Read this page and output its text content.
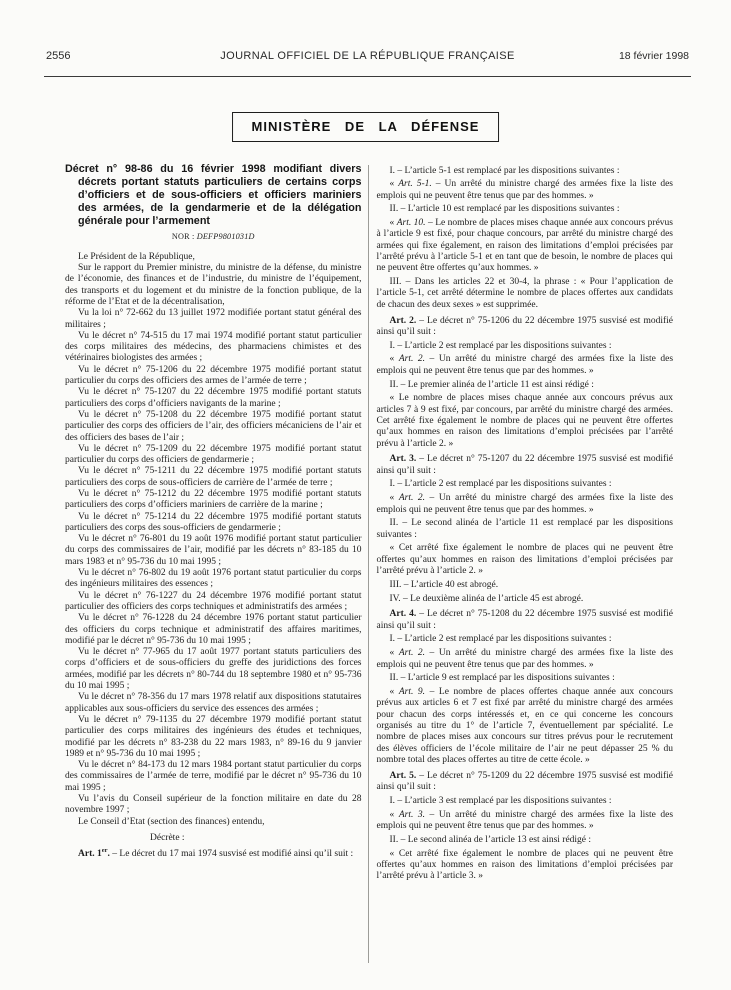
2556	JOURNAL OFFICIEL DE LA RÉPUBLIQUE FRANÇAISE	18 février 1998
MINISTÈRE DE LA DÉFENSE

Décret n° 98-86 du 16 février 1998 modifiant divers décrets portant statuts particuliers de certains corps d’officiers et de sous-officiers et officiers mariniers des armées, de la gendarmerie et de la délégation générale pour l’armement

NOR : DEFP9801031D

Le Président de la République,

Sur le rapport du Premier ministre, du ministre de la défense, du ministre de l’économie, des finances et de l’industrie, du ministre de l’équipement, des transports et du logement et du ministre de la fonction publique, de la réforme de l’Etat et de la décentralisation,

Vu la loi n° 72-662 du 13 juillet 1972 modifiée portant statut général des militaires ;

Vu le décret n° 74-515 du 17 mai 1974 modifié portant statut particulier des corps militaires des médecins, des pharmaciens chimistes et des vétérinaires biologistes des armées ;

Vu le décret n° 75-1206 du 22 décembre 1975 modifié portant statut particulier du corps des officiers des armes de l’armée de terre ;

Vu le décret n° 75-1207 du 22 décembre 1975 modifié portant statuts particuliers des corps d’officiers navigants de la marine ;

Vu le décret n° 75-1208 du 22 décembre 1975 modifié portant statut particulier des corps des officiers de l’air, des officiers mécaniciens de l’air et des officiers des bases de l’air ;

Vu le décret n° 75-1209 du 22 décembre 1975 modifié portant statut particulier du corps des officiers de gendarmerie ;

Vu le décret n° 75-1211 du 22 décembre 1975 modifié portant statuts particuliers des corps de sous-officiers de carrière de l’armée de terre ;

Vu le décret n° 75-1212 du 22 décembre 1975 modifié portant statuts particuliers des corps d’officiers mariniers de carrière de la marine ;

Vu le décret n° 75-1214 du 22 décembre 1975 modifié portant statuts particuliers des corps des sous-officiers de gendarmerie ;

Vu le décret n° 76-801 du 19 août 1976 modifié portant statut particulier du corps des commissaires de l’air, modifié par les décrets n° 83-185 du 10 mars 1983 et n° 95-736 du 10 mai 1995 ;

Vu le décret n° 76-802 du 19 août 1976 portant statut particulier du corps des ingénieurs militaires des essences ;

Vu le décret n° 76-1227 du 24 décembre 1976 modifié portant statut particulier des officiers des corps techniques et administratifs des armées ;

Vu le décret n° 76-1228 du 24 décembre 1976 portant statut particulier des officiers du corps technique et administratif des affaires maritimes, modifié par le décret n° 95-736 du 10 mai 1995 ;

Vu le décret n° 77-965 du 17 août 1977 portant statuts particuliers des corps d’officiers et de sous-officiers du greffe des juridictions des forces armées, modifié par les décrets n° 80-744 du 18 septembre 1980 et n° 95-736 du 10 mai 1995 ;

Vu le décret n° 78-356 du 17 mars 1978 relatif aux dispositions statutaires applicables aux sous-officiers du service des essences des armées ;

Vu le décret n° 79-1135 du 27 décembre 1979 modifié portant statut particulier des corps militaires des ingénieurs des études et techniques, modifié par les décrets n° 83-238 du 22 mars 1983, n° 89-16 du 9 janvier 1989 et n° 95-736 du 10 mai 1995 ;

Vu le décret n° 84-173 du 12 mars 1984 portant statut particulier du corps des commissaires de l’armée de terre, modifié par le décret n° 95-736 du 10 mai 1995 ;

Vu l’avis du Conseil supérieur de la fonction militaire en date du 28 novembre 1997 ;

Le Conseil d’Etat (section des finances) entendu,

Décrète :

Art. 1er. – Le décret du 17 mai 1974 susvisé est modifié ainsi qu’il suit :

I. – L’article 5-1 est remplacé par les dispositions suivantes :

« Art. 5-1. – Un arrêté du ministre chargé des armées fixe la liste des emplois qui ne peuvent être tenus que par des hommes. »

II. – L’article 10 est remplacé par les dispositions suivantes :

« Art. 10. – Le nombre de places mises chaque année aux concours prévus à l’article 9 est fixé, pour chaque concours, par arrêté du ministre chargé des armées qui fixe également, en raison des limitations d’emploi précisées par l’arrêté prévu à l’article 5-1 et en tant que de besoin, le nombre de places qui ne peuvent être offertes qu’aux hommes. »

III. – Dans les articles 22 et 30-4, la phrase : « Pour l’application de l’article 5-1, cet arrêté détermine le nombre de places offertes aux candidats de chacun des deux sexes » est supprimée.

Art. 2. – Le décret n° 75-1206 du 22 décembre 1975 susvisé est modifié ainsi qu’il suit :

I. – L’article 2 est remplacé par les dispositions suivantes :

« Art. 2. – Un arrêté du ministre chargé des armées fixe la liste des emplois qui ne peuvent être tenus que par des hommes. »

II. – Le premier alinéa de l’article 11 est ainsi rédigé :

« Le nombre de places mises chaque année aux concours prévus aux articles 7 à 9 est fixé, par concours, par arrêté du ministre chargé des armées. Cet arrêté fixe également le nombre de places qui ne peuvent être offertes qu’aux hommes en raison des limitations d’emploi précisées par l’arrêté prévu à l’article 2. »

Art. 3. – Le décret n° 75-1207 du 22 décembre 1975 susvisé est modifié ainsi qu’il suit :

I. – L’article 2 est remplacé par les dispositions suivantes :

« Art. 2. – Un arrêté du ministre chargé des armées fixe la liste des emplois qui ne peuvent être tenus que par des hommes. »

II. – Le second alinéa de l’article 11 est remplacé par les dispositions suivantes :

« Cet arrêté fixe également le nombre de places qui ne peuvent être offertes qu’aux hommes en raison des limitations d’emploi précisées par l’arrêté prévu à l’article 2. »

III. – L’article 40 est abrogé.

IV. – Le deuxième alinéa de l’article 45 est abrogé.

Art. 4. – Le décret n° 75-1208 du 22 décembre 1975 susvisé est modifié ainsi qu’il suit :

I. – L’article 2 est remplacé par les dispositions suivantes :

« Art. 2. – Un arrêté du ministre chargé des armées fixe la liste des emplois qui ne peuvent être tenus que par des hommes. »

II. – L’article 9 est remplacé par les dispositions suivantes :

« Art. 9. – Le nombre de places offertes chaque année aux concours prévus aux articles 6 et 7 est fixé par arrêté du ministre chargé des armées pour chacun des corps intéressés et, en ce qui concerne les concours organisés au titre du 1° de l’article 7, éventuellement par spécialité. Le nombre de places mises aux concours sur titres prévus pour le recrutement des élèves officiers de l’école militaire de l’air ne peut dépasser 25 % du nombre total des places offertes au titre de cette école. »

Art. 5. – Le décret n° 75-1209 du 22 décembre 1975 susvisé est modifié ainsi qu’il suit :

I. – L’article 3 est remplacé par les dispositions suivantes :

« Art. 3. – Un arrêté du ministre chargé des armées fixe la liste des emplois qui ne peuvent être tenus que par des hommes. »

II. – Le second alinéa de l’article 13 est ainsi rédigé :

« Cet arrêté fixe également le nombre de places qui ne peuvent être offertes qu’aux hommes en raison des limitations d’emploi précisées par l’arrêté prévu à l’article 3. »
